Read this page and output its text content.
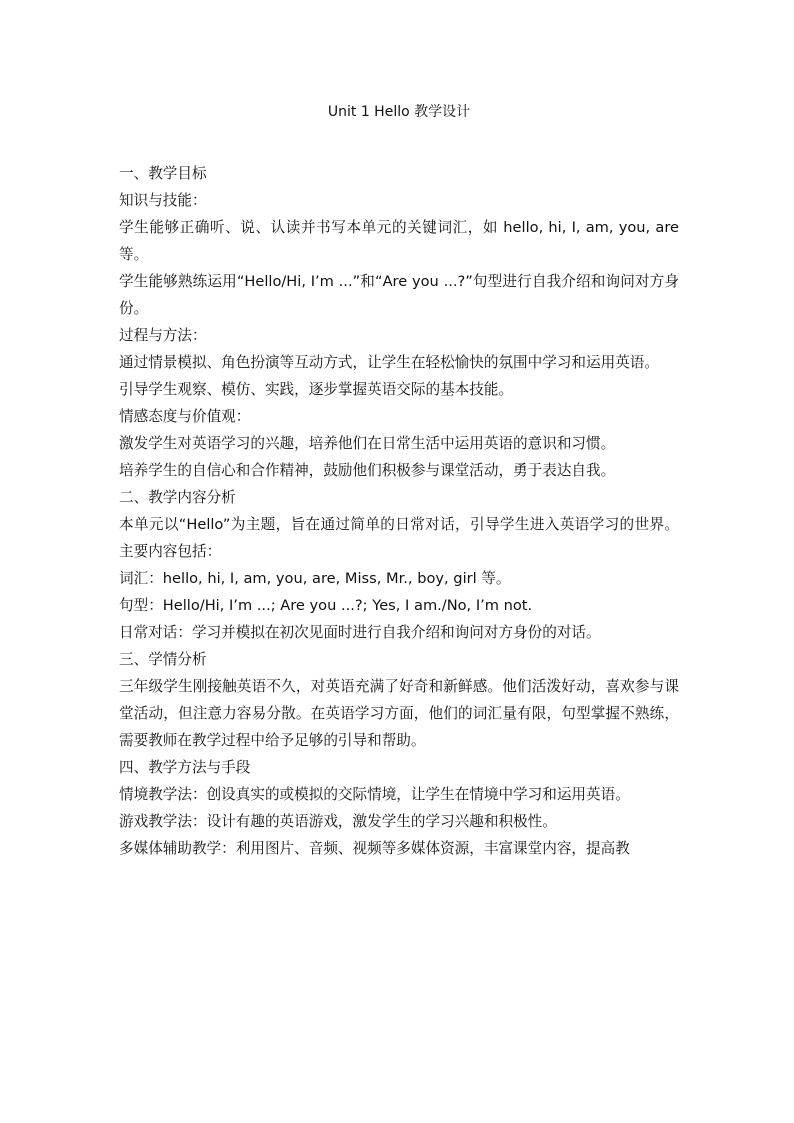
Unit 1 Hello 教学设计

一、教学目标

知识与技能：

学生能够正确听、说、认读并书写本单元的关键词汇，如 hello, hi, I, am, you, are 等。

学生能够熟练运用“Hello/Hi, I’m ...”和“Are you ...?”句型进行自我介绍和询问对方身份。

过程与方法：

通过情景模拟、角色扮演等互动方式，让学生在轻松愉快的氛围中学习和运用英语。

引导学生观察、模仿、实践，逐步掌握英语交际的基本技能。

情感态度与价值观：

激发学生对英语学习的兴趣，培养他们在日常生活中运用英语的意识和习惯。

培养学生的自信心和合作精神，鼓励他们积极参与课堂活动，勇于表达自我。

二、教学内容分析

本单元以“Hello”为主题，旨在通过简单的日常对话，引导学生进入英语学习的世界。主要内容包括：

词汇：hello, hi, I, am, you, are, Miss, Mr., boy, girl 等。

句型：Hello/Hi, I’m ...; Are you ...?; Yes, I am./No, I’m not.

日常对话：学习并模拟在初次见面时进行自我介绍和询问对方身份的对话。

三、学情分析

三年级学生刚接触英语不久，对英语充满了好奇和新鲜感。他们活泼好动，喜欢参与课堂活动，但注意力容易分散。在英语学习方面，他们的词汇量有限，句型掌握不熟练，需要教师在教学过程中给予足够的引导和帮助。

四、教学方法与手段

情境教学法：创设真实的或模拟的交际情境，让学生在情境中学习和运用英语。

游戏教学法：设计有趣的英语游戏，激发学生的学习兴趣和积极性。

多媒体辅助教学：利用图片、音频、视频等多媒体资源，丰富课堂内容，提高教
